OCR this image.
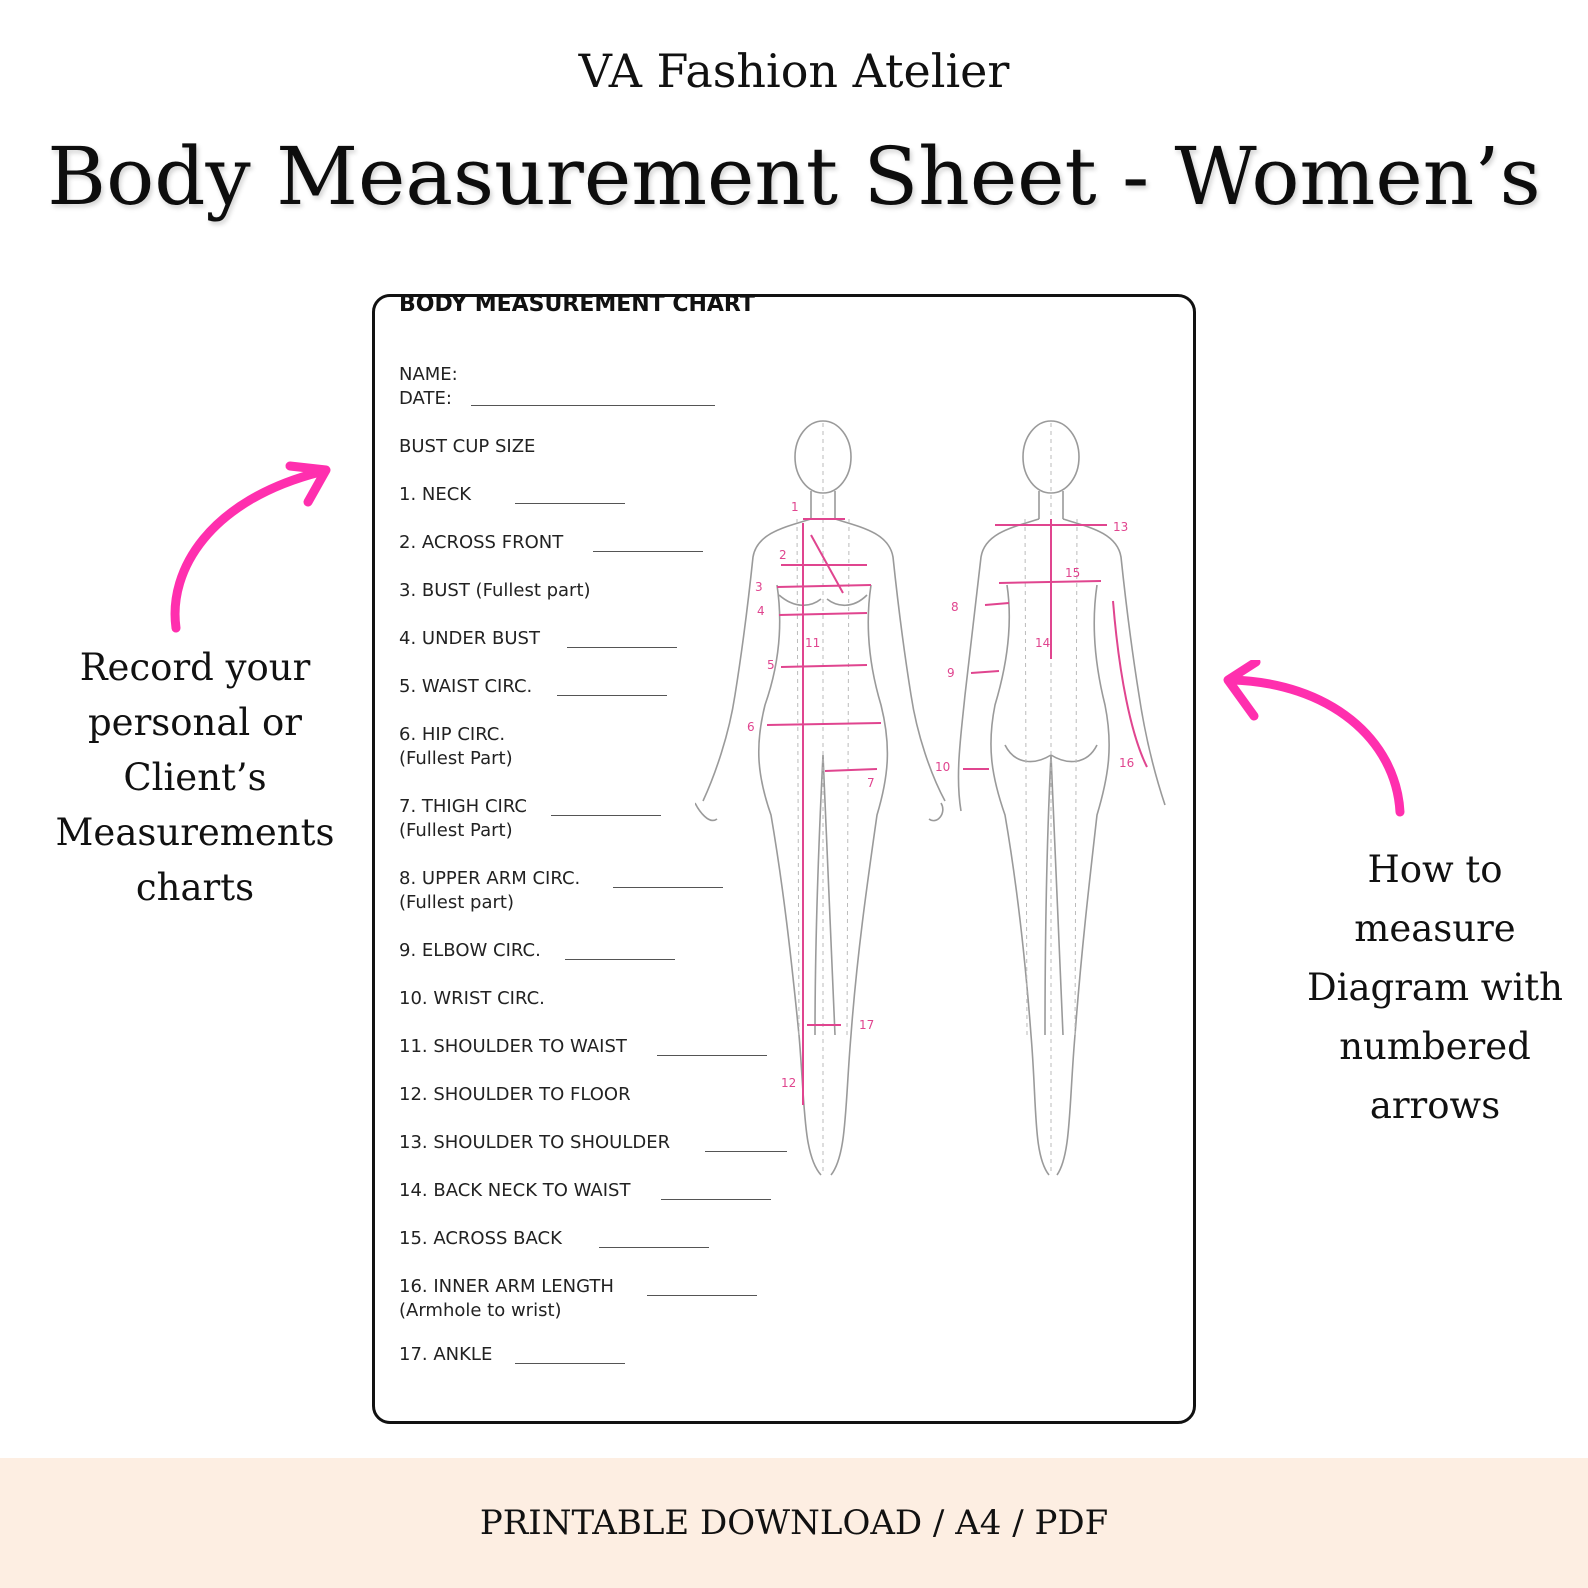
VA Fashion Atelier
Body Measurement Sheet - Women’s
Record your
personal or
Client’s
Measurements
charts	How to
measure
Diagram with
numbered
arrows
BODY MEASUREMENT CHART
NAME:
DATE:
BUST CUP SIZE
1. NECK
2. ACROSS FRONT
3. BUST (Fullest part)
4. UNDER BUST
5. WAIST CIRC.
6. HIP CIRC.
(Fullest Part)
7. THIGH CIRC
(Fullest Part)
8. UPPER ARM CIRC.
(Fullest part)
9. ELBOW CIRC.
10. WRIST CIRC.
11. SHOULDER TO WAIST
12. SHOULDER TO FLOOR
13. SHOULDER TO SHOULDER
14. BACK NECK TO WAIST
15. ACROSS BACK
16. INNER ARM LENGTH
(Armhole to wrist)
17. ANKLE
1
2
3
4
5
6
7
8
9
10
11
12
13
14
15
16
17
PRINTABLE DOWNLOAD / A4 / PDF
